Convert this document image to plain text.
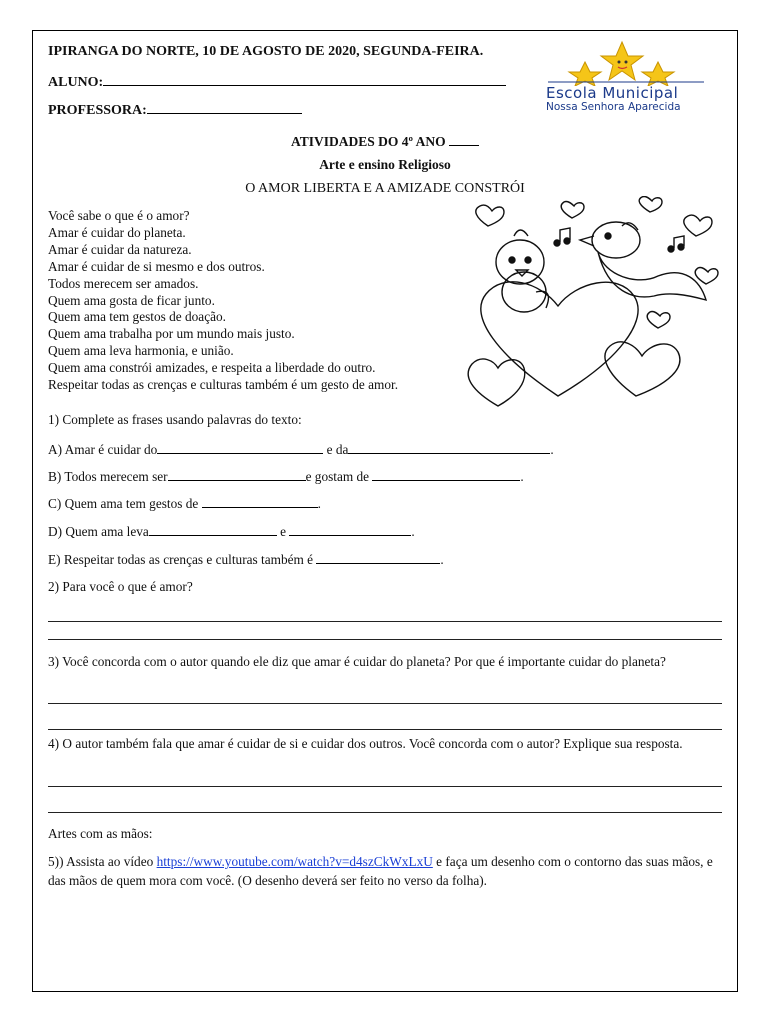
IPIRANGA DO NORTE, 10 DE AGOSTO DE 2020, SEGUNDA-FEIRA.
ALUNO:
PROFESSORA:
Escola Municipal
Nossa Senhora Aparecida
ATIVIDADES DO 4º ANO
Arte e ensino Religioso
O AMOR LIBERTA E A AMIZADE CONSTRÓI
Você sabe o que é o amor?
Amar é cuidar do planeta.
Amar é cuidar da natureza.
Amar é cuidar de si mesmo e dos outros.
Todos merecem ser amados.
Quem ama gosta de ficar junto.
Quem ama tem gestos de doação.
Quem ama trabalha por um mundo mais justo.
Quem ama leva harmonia, e união.
Quem ama constrói amizades, e respeita a liberdade do outro.
Respeitar todas as crenças e culturas também é um gesto de amor.
1) Complete as frases usando palavras do texto:
A) Amar é cuidar do	e da	.
B) Todos merecem ser	e gostam de	.
C) Quem ama tem gestos de	.
D) Quem ama leva	e	.
E) Respeitar todas as crenças e culturas também é	.
2) Para você o que é amor?
3) Você concorda com o autor quando ele diz que amar é cuidar do planeta? Por que é importante cuidar do planeta?
4) O autor também fala que amar é cuidar de si e cuidar dos outros. Você concorda com o autor? Explique sua resposta.
Artes com as mãos:
5)) Assista ao vídeo https://www.youtube.com/watch?v=d4szCkWxLxU e faça um desenho com o contorno das suas mãos, e das mãos de quem mora com você. (O desenho deverá ser feito no verso da folha).
